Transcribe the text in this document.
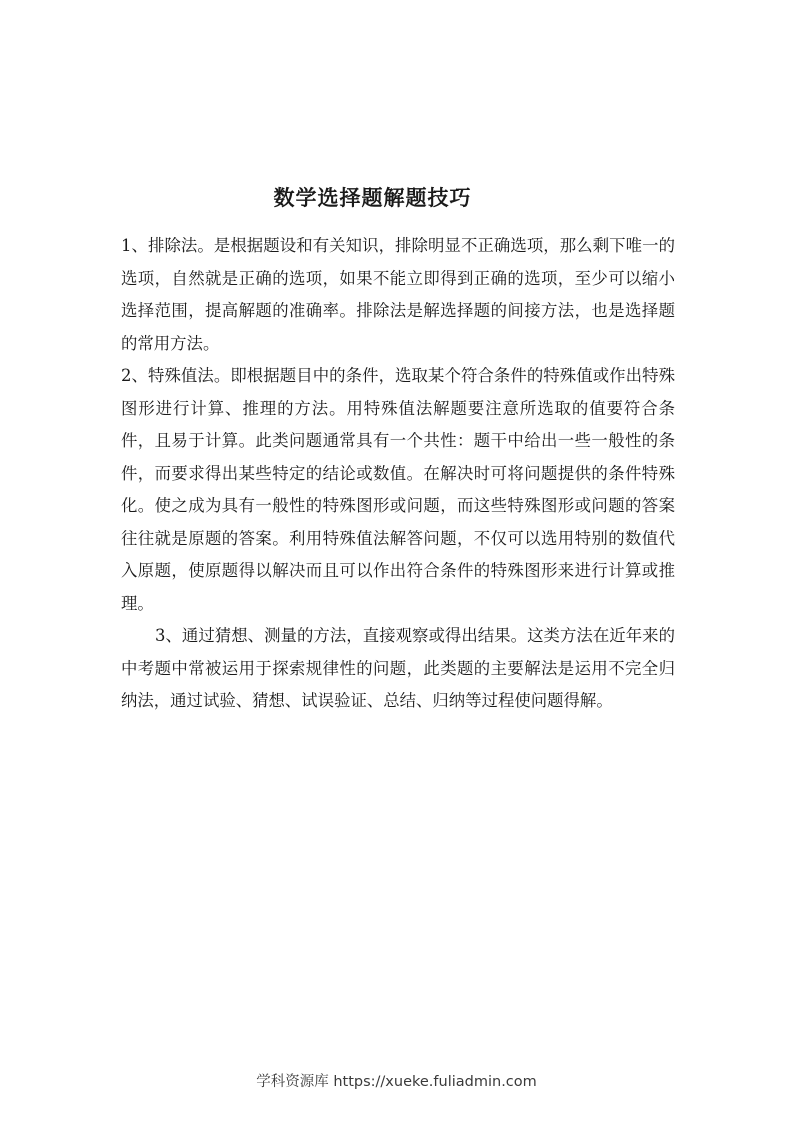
数学选择题解题技巧

1、排除法。是根据题设和有关知识，排除明显不正确选项，那么剩下唯一的选项，自然就是正确的选项，如果不能立即得到正确的选项，至少可以缩小选择范围，提高解题的准确率。排除法是解选择题的间接方法，也是选择题的常用方法。

2、特殊值法。即根据题目中的条件，选取某个符合条件的特殊值或作出特殊图形进行计算、推理的方法。用特殊值法解题要注意所选取的值要符合条件，且易于计算。此类问题通常具有一个共性：题干中给出一些一般性的条件，而要求得出某些特定的结论或数值。在解决时可将问题提供的条件特殊化。使之成为具有一般性的特殊图形或问题，而这些特殊图形或问题的答案往往就是原题的答案。利用特殊值法解答问题，不仅可以选用特别的数值代入原题，使原题得以解决而且可以作出符合条件的特殊图形来进行计算或推理。

3、通过猜想、测量的方法，直接观察或得出结果。这类方法在近年来的中考题中常被运用于探索规律性的问题，此类题的主要解法是运用不完全归纳法，通过试验、猜想、试误验证、总结、归纳等过程使问题得解。

学科资源库 https://xueke.fuliadmin.com
